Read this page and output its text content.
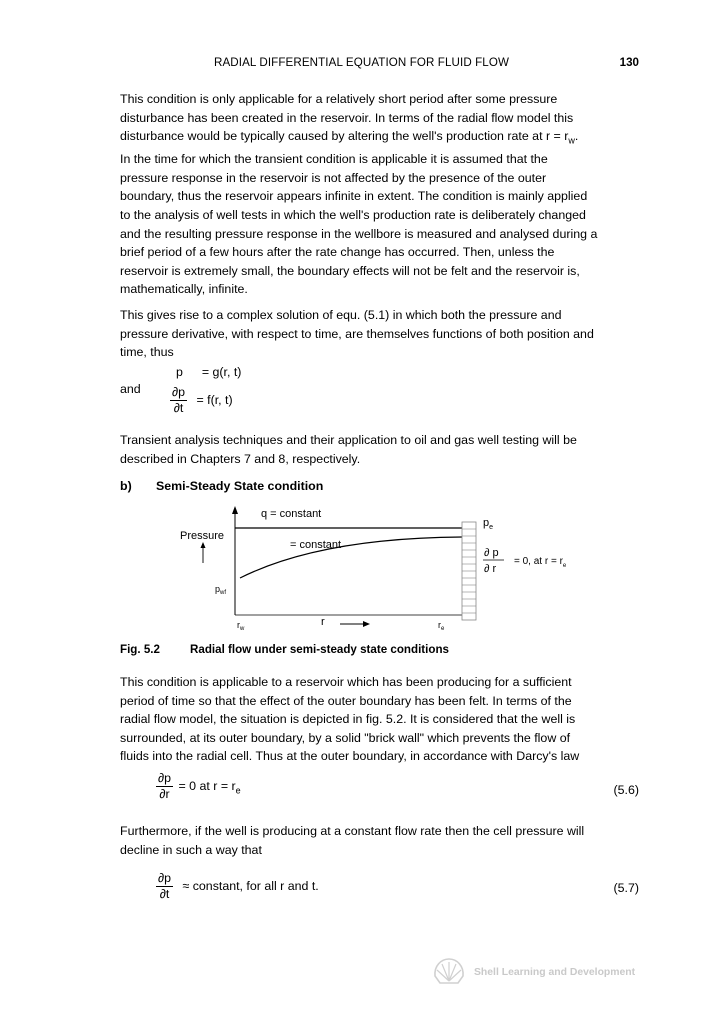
RADIAL DIFFERENTIAL EQUATION FOR FLUID FLOW	130
This condition is only applicable for a relatively short period after some pressure
disturbance has been created in the reservoir. In terms of the radial flow model this
disturbance would be typically caused by altering the well's production rate at $r = r_w$.
In the time for which the transient condition is applicable it is assumed that the
pressure response in the reservoir is not affected by the presence of the outer
boundary, thus the reservoir appears infinite in extent. The condition is mainly applied
to the analysis of well tests in which the well's production rate is deliberately changed
and the resulting pressure response in the wellbore is measured and analysed during a
brief period of a few hours after the rate change has occurred. Then, unless the
reservoir is extremely small, the boundary effects will not be felt and the reservoir is,
mathematically, infinite.
This gives rise to a complex solution of equ. (5.1) in which both the pressure and
pressure derivative, with respect to time, are themselves functions of both position and
time, thus
p = g(r, t)
and $\frac{\partial p}{\partial t} = f(r$, t)
Transient analysis techniques and their application to oil and gas well testing will be
described in Chapters 7 and 8, respectively.
b) Semi-Steady State condition
Pressure
q = constant
= constant
$p_e$
$p_{wf}$
∂ p
∂ r
= 0, at $r = r_e$
$r_w$
r	$r_e$
Fig. 5.2	Radial flow under semi-steady state conditions
This condition is applicable to a reservoir which has been producing for a sufficient
period of time so that the effect of the outer boundary has been felt. In terms of the
radial flow model, the situation is depicted in fig. 5.2. It is considered that the well is
surrounded, at its outer boundary, by a solid "brick wall" which prevents the flow of
fluids into the radial cell. Thus at the outer boundary, in accordance with Darcy's law
$\frac{\partial p}{\partial r} = 0$ at $r = r_e$	(5.6)
Furthermore, if the well is producing at a constant flow rate then the cell pressure will
decline in such a way that
$\frac{\partial p}{\partial t}$ ≈ constant, for all r and t.	(5.7)
Shell Learning and Development
